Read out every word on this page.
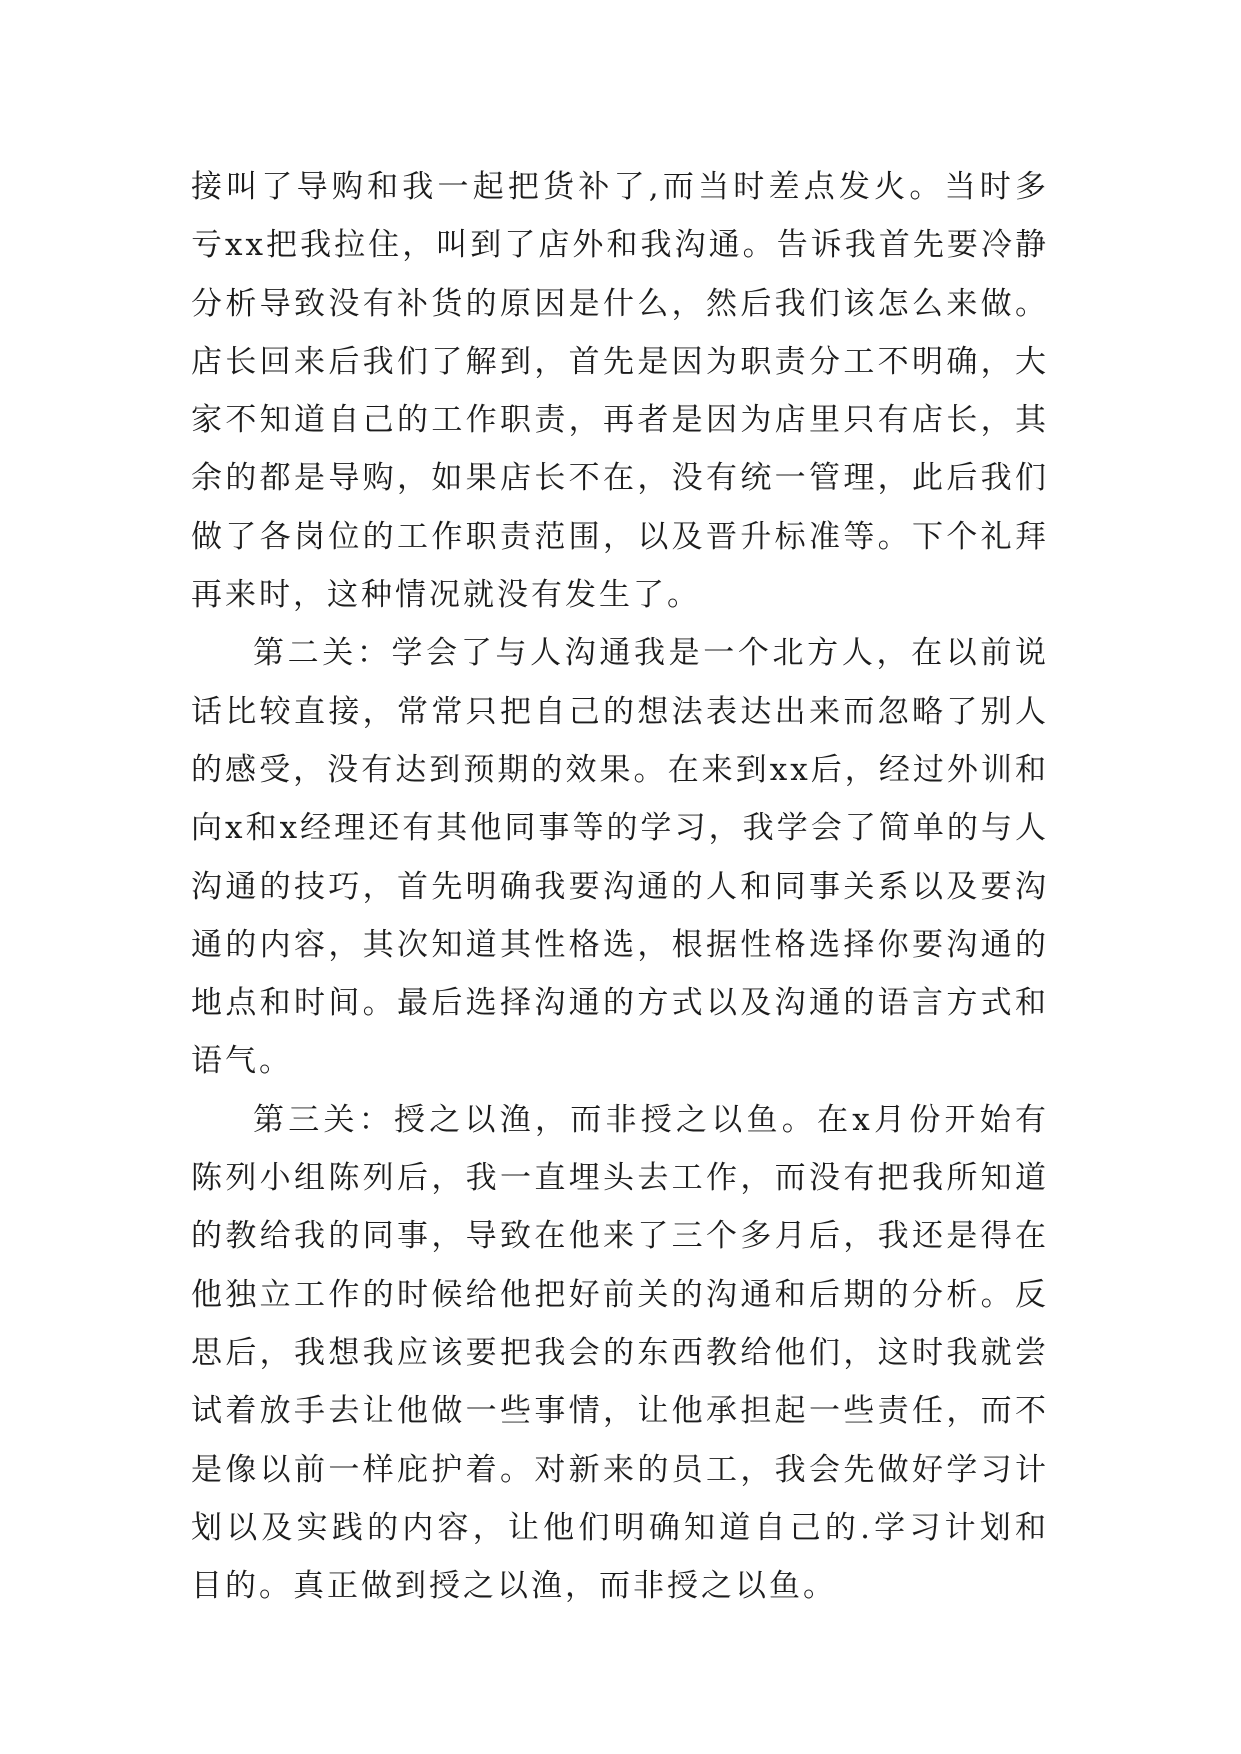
接叫了导购和我一起把货补了,而当时差点发火。当时多亏xx把我拉住，叫到了店外和我沟通。告诉我首先要冷静分析导致没有补货的原因是什么，然后我们该怎么来做。店长回来后我们了解到，首先是因为职责分工不明确，大家不知道自己的工作职责，再者是因为店里只有店长，其余的都是导购，如果店长不在，没有统一管理，此后我们做了各岗位的工作职责范围，以及晋升标准等。下个礼拜再来时，这种情况就没有发生了。

第二关：学会了与人沟通我是一个北方人，在以前说话比较直接，常常只把自己的想法表达出来而忽略了别人的感受，没有达到预期的效果。在来到xx后，经过外训和向x和x经理还有其他同事等的学习，我学会了简单的与人沟通的技巧，首先明确我要沟通的人和同事关系以及要沟通的内容，其次知道其性格选，根据性格选择你要沟通的地点和时间。最后选择沟通的方式以及沟通的语言方式和语气。

第三关：授之以渔，而非授之以鱼。在x月份开始有陈列小组陈列后，我一直埋头去工作，而没有把我所知道的教给我的同事，导致在他来了三个多月后，我还是得在他独立工作的时候给他把好前关的沟通和后期的分析。反思后，我想我应该要把我会的东西教给他们，这时我就尝试着放手去让他做一些事情，让他承担起一些责任，而不是像以前一样庇护着。对新来的员工，我会先做好学习计划以及实践的内容，让他们明确知道自己的.学习计划和目的。真正做到授之以渔，而非授之以鱼。
